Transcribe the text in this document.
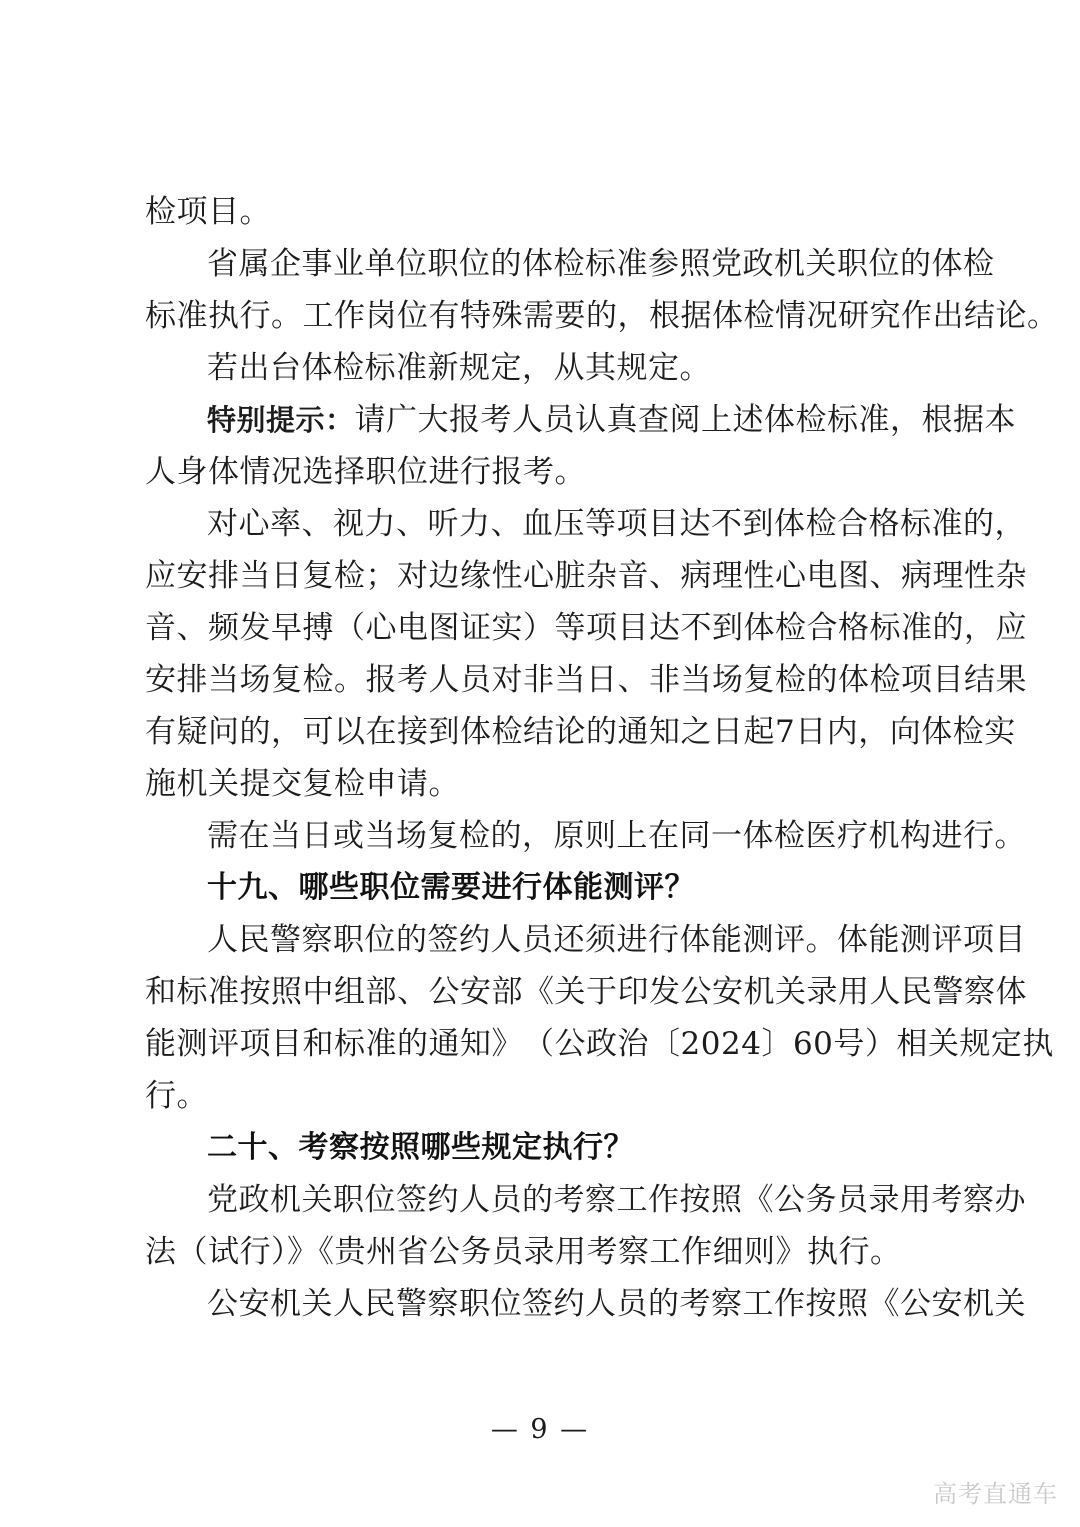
检项目。
省 属 企 事 业 单 位 职 位 的 体 检 标 准 参 照 党 政 机 关 职 位 的 体 检
标 准 执 行 。 工 作 岗 位 有 特 殊 需 要 的 ， 根 据 体 检 情 况 研 究 作 出 结 论 。
若出台体检标准新规定，从其规定。
特别提示：请广大报考人员认真查阅上述体检标准，根据本
人身体情况选择职位进行报考。
对 心 率 、 视 力 、 听 力 、 血 压 等 项 目 达 不 到 体 检 合 格 标 准 的 ，
应 安 排 当 日 复 检 ； 对 边 缘 性 心 脏 杂 音 、 病 理 性 心 电 图 、 病 理 性 杂
音 、 频 发 早 搏 （ 心 电 图 证 实 ） 等 项 目 达 不 到 体 检 合 格 标 准 的 ， 应
安 排 当 场 复 检 。 报 考 人 员 对 非 当 日 、 非 当 场 复 检 的 体 检 项 目 结 果
有 疑 问 的 ， 可 以 在 接 到 体 检 结 论 的 通 知 之 日 起 7 日 内 ， 向 体 检 实
施机关提交复检申请。
需 在 当 日 或 当 场 复 检 的 ， 原 则 上 在 同 一 体 检 医 疗 机 构 进 行 。
十九、哪些职位需要进行体能测评？
人 民 警 察 职 位 的 签 约 人 员 还 须 进 行 体 能 测 评 。 体 能 测 评 项 目
和 标 准 按 照 中 组 部 、 公 安 部 《 关 于 印 发 公 安 机 关 录 用 人 民 警 察 体
能 测 评 项 目 和 标 准 的 通 知 》 （ 公 政 治 〔 2 0 2 4 〕 6 0 号 ） 相 关 规 定 执
行。
二十、考察按照哪些规定执行？
党 政 机 关 职 位 签 约 人 员 的 考 察 工 作 按 照 《 公 务 员 录 用 考 察 办
法（试行）》《贵州省公务员录用考察工作细则》执行。
公 安 机 关 人 民 警 察 职 位 签 约 人 员 的 考 察 工 作 按 照 《 公 安 机 关
— 9 —
高考直通车
